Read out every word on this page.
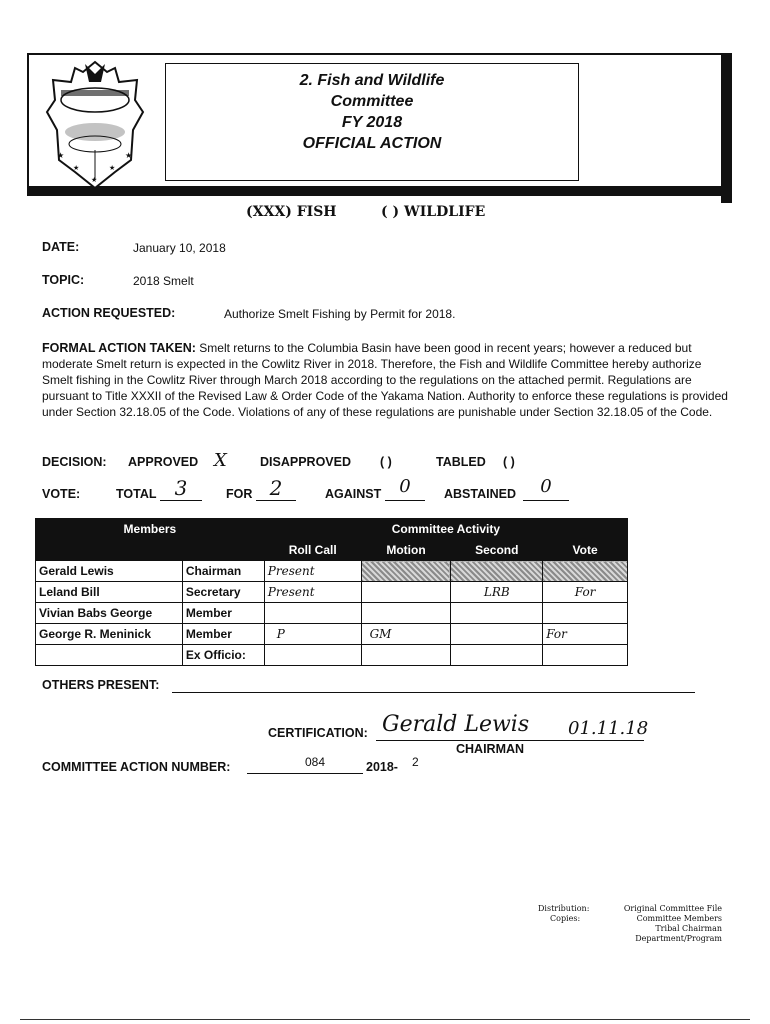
★	★
★	★
★
2. Fish and Wildlife
Committee
FY 2018
OFFICIAL ACTION
(XXX) FISH	( ) WILDLIFE
DATE:	January 10, 2018
TOPIC:	2018 Smelt
ACTION REQUESTED:	Authorize Smelt Fishing by Permit for 2018.
FORMAL ACTION TAKEN: Smelt returns to the Columbia Basin have been good in recent years; however a reduced but moderate Smelt return is expected in the Cowlitz River in 2018. Therefore, the Fish and Wildlife Committee hereby authorize Smelt fishing in the Cowlitz River through March 2018 according to the regulations on the attached permit. Regulations are pursuant to Title XXXII of the Revised Law & Order Code of the Yakama Nation. Authority to enforce these regulations is provided under Section 32.18.05 of the Code. Violations of any of these regulations are punishable under Section 32.18.05 of the Code.
DECISION: APPROVED X	DISAPPROVED ( )	TABLED ( )
VOTE:	TOTAL 3	FOR 2	AGAINST	0	ABSTAINED	0
Members		Committee Activity			
		Roll Call	Motion	Second	Vote
Gerald Lewis	Chairman	Present			
Leland Bill	Secretary	Present		LRB	For
Vivian Babs George	Member				
George R. Meninick	Member	P	GM		For
	Ex Officio:				
OTHERS PRESENT:
CERTIFICATION: Gerald Lewis 01.11.18
CHAIRMAN
COMMITTEE ACTION NUMBER:	084	2018- 2
Distribution:
Copies:
Original Committee File
Committee Members
Tribal Chairman
Department/Program
